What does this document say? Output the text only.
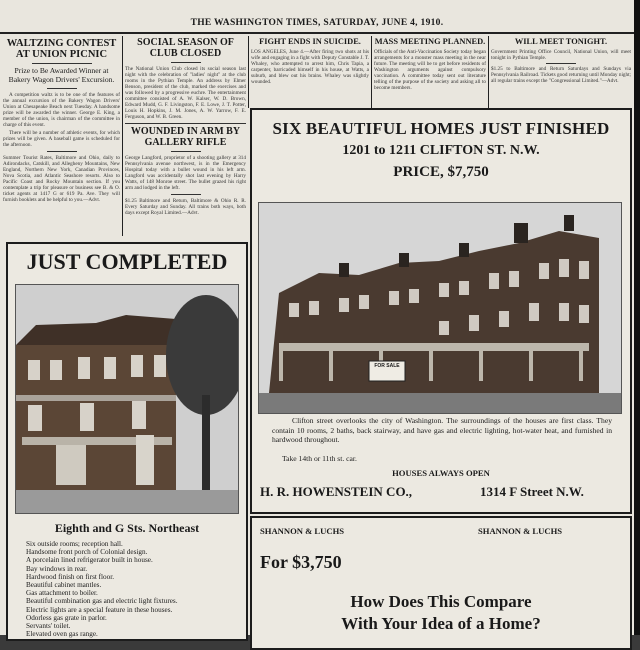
THE WASHINGTON TIMES, SATURDAY, JUNE 4, 1910.
WALTZING CONTEST AT UNION PICNIC
Prize to Be Awarded Winner at Bakery Wagon Drivers' Excursion.

A competition waltz is to be one of the features of the annual excursion of the Bakery Wagon Drivers' Union at Chesapeake Beach next Tuesday. A handsome prize will be awarded the winner. George E. King, a member of the union, is chairman of the committee in charge of this event.

There will be a number of athletic events, for which prizes will be given. A baseball game is scheduled for the afternoon.

Summer Tourist Rates, Baltimore and Ohio, daily to Adirondacks, Catskill, and Allegheny Mountains, New England, Northern New York, Canadian Provinces, Nova Scotia, and Atlantic Seashore resorts. Also to Pacific Coast and Rocky Mountain section. If you contemplate a trip for pleasure or business see B. & O. ticket agents at 1417 G or 619 Pa. Ave. They will furnish booklets and be helpful to you.—Advt.
SOCIAL SEASON OF CLUB CLOSED
The National Union Club closed its social season last night with the celebration of "ladies' night" at the club rooms in the Pythian Temple. An address by Elmer Benson, president of the club, marked the exercises and was followed by a progressive euchre. The entertainment committee consisted of A. W. Kalser, W. D. Brown, Edward Mudd, G. F. Livingston, F. E. Lowe, J. T. Potter, Louis H. Hopkins, J. M. Jones, A. W. Yarrow, F. E. Ferguson, and W. B. Green.
WOUNDED IN ARM BY GALLERY RIFLE
George Langford, proprietor of a shooting gallery at 314 Pennsylvania avenue northwest, is in the Emergency Hospital today with a bullet wound in his left arm. Langford was accidentally shot last evening by Harry Watts, of 148 Monroe street. The bullet grazed his right arm and lodged in the left.
$1.25 Baltimore and Return, Baltimore & Ohio R. R. Every Saturday and Sunday. All trains both ways, both days except Royal Limited.—Advt.
FIGHT ENDS IN SUICIDE.
LOS ANGELES, June 4.—After firing two shots at his wife and engaging in a fight with Deputy Constable J. T. Whaley, who attempted to arrest him, Chris Tapia, a carpenter, barricaded himself in his house, at Watts, a suburb, and blew out his brains. Whaley was slightly wounded.
MASS MEETING PLANNED.
Officials of the Anti-Vaccination Society today began arrangements for a monster mass meeting in the near future. The meeting will be to get before residents of Washington arguments against compulsory vaccination. A committee today sent out literature telling of the purpose of the society and asking all to become members.
WILL MEET TONIGHT.
Government Printing Office Council, National Union, will meet tonight in Pythian Temple.
$1.25 to Baltimore and Return Saturdays and Sundays via Pennsylvania Railroad. Tickets good returning until Monday night; all regular trains except the "Congressional Limited."—Advt.
SIX BEAUTIFUL HOMES JUST FINISHED
1201 to 1211 CLIFTON ST. N.W.
PRICE, $7,750
FOR SALE
Clifton street overlooks the city of Washington. The surroundings of the houses are first class. They contain 10 rooms, 2 baths, back stairway, and have gas and electric lighting, hot-water heat, and furnished in hardwood throughout.
Take 14th or 11th st. car.
HOUSES ALWAYS OPEN
H. R. HOWENSTEIN CO.,	1314 F Street N.W.
JUST COMPLETED
Eighth and G Sts. Northeast
Six outside rooms; reception hall.
Handsome front porch of Colonial design.
A porcelain lined refrigerator built in house.
Bay windows in rear.
Hardwood finish on first floor.
Beautiful cabinet mantles.
Gas attachment to boiler.
Beautiful combination gas and electric light fixtures.
Electric lights are a special feature in these houses.
Odorless gas grate in parlor.
Servants' toilet.
Elevated oven gas range.
SHANNON & LUCHS	SHANNON & LUCHS
For $3,750
How Does This Compare
With Your Idea of a Home?
